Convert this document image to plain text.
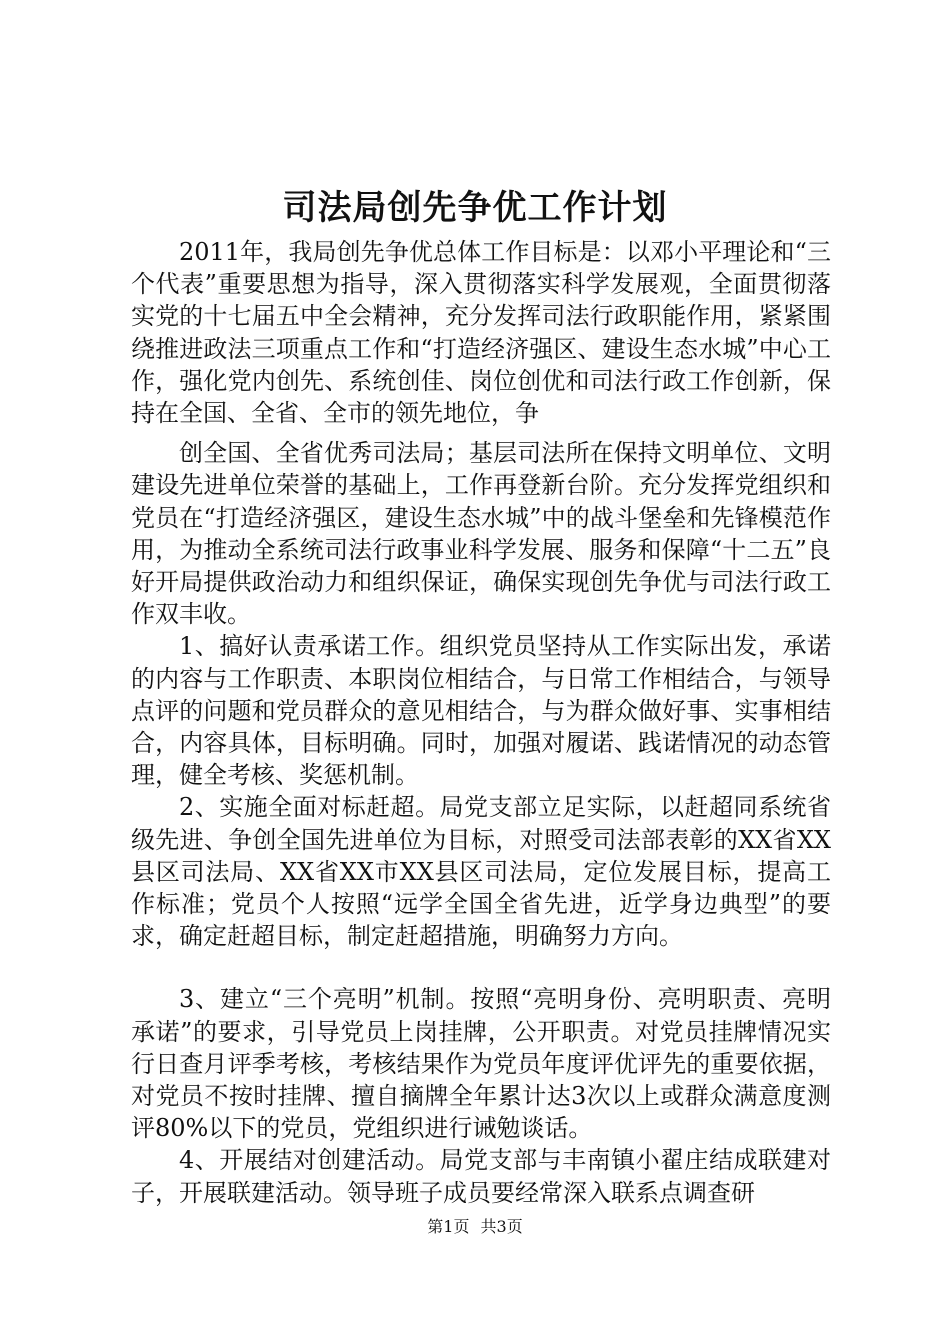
司法局创先争优工作计划

2011年，我局创先争优总体工作目标是：以邓小平理论和“三个代表”重要思想为指导，深入贯彻落实科学发展观，全面贯彻落实党的十七届五中全会精神，充分发挥司法行政职能作用，紧紧围绕推进政法三项重点工作和“打造经济强区、建设生态水城”中心工作，强化党内创先、系统创佳、岗位创优和司法行政工作创新，保持在全国、全省、全市的领先地位，争

创全国、全省优秀司法局；基层司法所在保持文明单位、文明建设先进单位荣誉的基础上，工作再登新台阶。充分发挥党组织和党员在“打造经济强区，建设生态水城”中的战斗堡垒和先锋模范作用，为推动全系统司法行政事业科学发展、服务和保障“十二五”良好开局提供政治动力和组织保证，确保实现创先争优与司法行政工作双丰收。

1、搞好认责承诺工作。组织党员坚持从工作实际出发，承诺的内容与工作职责、本职岗位相结合，与日常工作相结合，与领导点评的问题和党员群众的意见相结合，与为群众做好事、实事相结合，内容具体，目标明确。同时，加强对履诺、践诺情况的动态管理，健全考核、奖惩机制。

2、实施全面对标赶超。局党支部立足实际，以赶超同系统省级先进、争创全国先进单位为目标，对照受司法部表彰的XX省XX县区司法局、XX省XX市XX县区司法局，定位发展目标，提高工作标准；党员个人按照“远学全国全省先进，近学身边典型”的要求，确定赶超目标，制定赶超措施，明确努力方向。

3、建立“三个亮明”机制。按照“亮明身份、亮明职责、亮明承诺”的要求，引导党员上岗挂牌，公开职责。对党员挂牌情况实行日查月评季考核，考核结果作为党员年度评优评先的重要依据，对党员不按时挂牌、擅自摘牌全年累计达3次以上或群众满意度测评80%以下的党员，党组织进行诫勉谈话。

4、开展结对创建活动。局党支部与丰南镇小翟庄结成联建对子，开展联建活动。领导班子成员要经常深入联系点调查研

第1页 共3页
